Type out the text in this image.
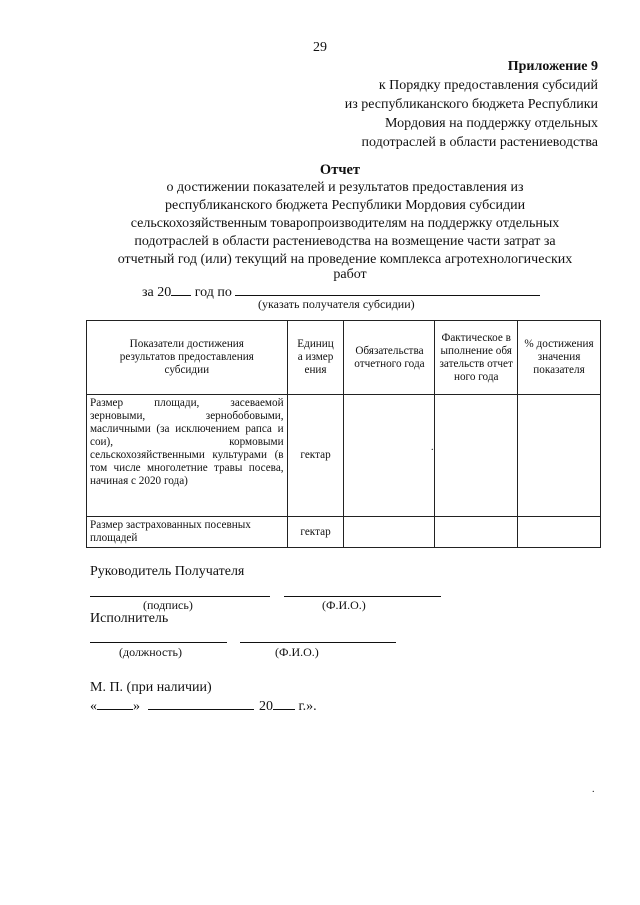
29
Приложение 9
к Порядку предоставления субсидий
из республиканского бюджета Республики
Мордовия на поддержку отдельных
подотраслей в области растениеводства
Отчет
о достижении показателей и результатов предоставления из
республиканского бюджета Республики Мордовия субсидии
сельскохозяйственным товаропроизводителям на поддержку отдельных
подотраслей в области растениеводства на возмещение части затрат за
отчетный год (или) текущий на проведение комплекса агротехнологических
работ
за 20 год по
(указать получателя субсидии)
Показатели достижения результатов предоставления субсидии	Единица измерения	Обязательства отчетного года	Фактическое выполнение обязательств отчетного года	% достижения значения показателя
Размер площади, засеваемой зерновыми, зернобобовыми, масличными (за исключением рапса и сои), кормовыми сельскохозяйственными культурами (в том числе многолетние травы посева, начиная с 2020 года)	гектар			
Размер застрахованных посевных площадей	гектар			
.
Руководитель Получателя
(подпись)	(Ф.И.О.)
Исполнитель
(должность)	(Ф.И.О.)
М. П. (при наличии)
«	»	20 г.».
.
